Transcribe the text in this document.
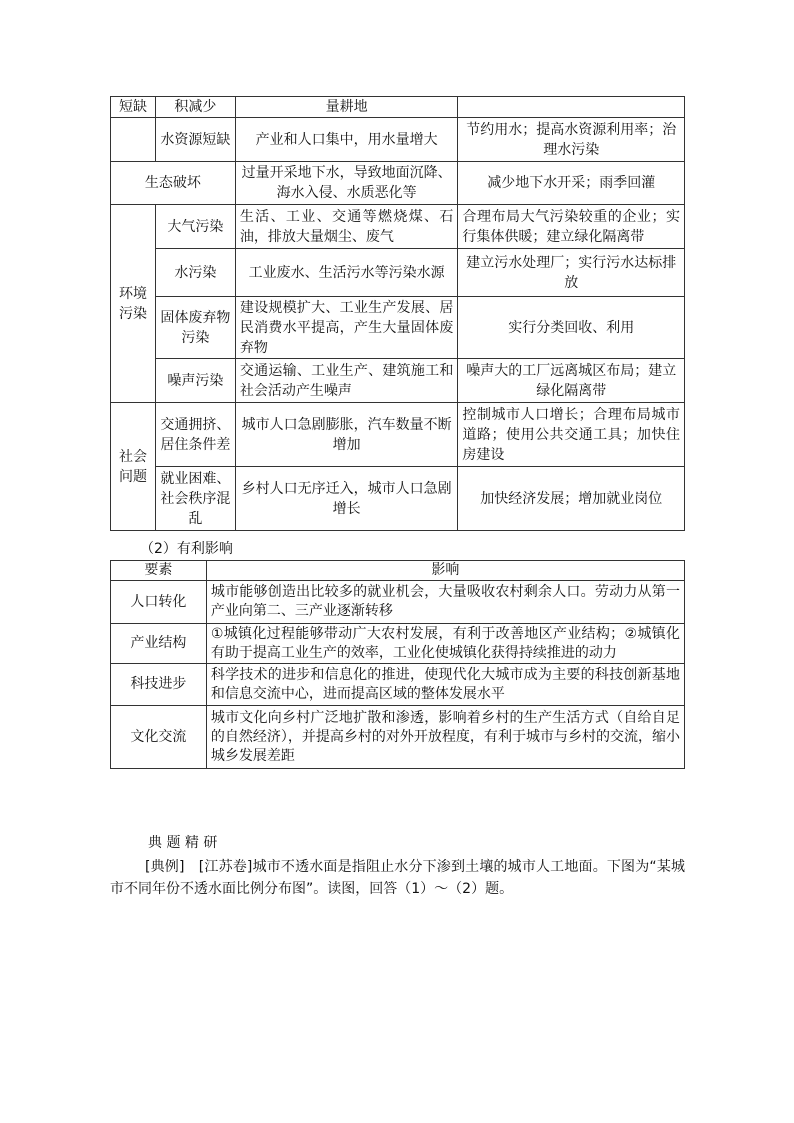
短缺	积减少	量耕地	
	水资源短缺	产业和人口集中，用水量增大	节约用水；提高水资源利用率；治理水污染
生态破坏		过量开采地下水，导致地面沉降、海水入侵、水质恶化等	减少地下水开采；雨季回灌
环境污染	大气污染	生活、工业、交通等燃烧煤、石油，排放大量烟尘、废气	合理布局大气污染较重的企业；实行集体供暖；建立绿化隔离带
	水污染	工业废水、生活污水等污染水源	建立污水处理厂；实行污水达标排放
	固体废弃物污染	建设规模扩大、工业生产发展、居民消费水平提高，产生大量固体废弃物	实行分类回收、利用
	噪声污染	交通运输、工业生产、建筑施工和社会活动产生噪声	噪声大的工厂远离城区布局；建立绿化隔离带
社会问题	交通拥挤、居住条件差	城市人口急剧膨胀，汽车数量不断增加	控制城市人口增长；合理布局城市道路；使用公共交通工具；加快住房建设
	就业困难、社会秩序混乱	乡村人口无序迁入，城市人口急剧增长	加快经济发展；增加就业岗位
（2）有利影响
要素	影响
人口转化	城市能够创造出比较多的就业机会，大量吸收农村剩余人口。劳动力从第一产业向第二、三产业逐渐转移
产业结构	①城镇化过程能够带动广大农村发展，有利于改善地区产业结构；②城镇化有助于提高工业生产的效率，工业化使城镇化获得持续推进的动力
科技进步	科学技术的进步和信息化的推进，使现代化大城市成为主要的科技创新基地和信息交流中心，进而提高区域的整体发展水平
文化交流	城市文化向乡村广泛地扩散和渗透，影响着乡村的生产生活方式（自给自足的自然经济），并提高乡村的对外开放程度，有利于城市与乡村的交流，缩小城乡发展差距
典 题 精 研
[典例]　[江苏卷]城市不透水面是指阻止水分下渗到土壤的城市人工地面。下图为“某城市不同年份不透水面比例分布图”。读图，回答（1）～（2）题。
